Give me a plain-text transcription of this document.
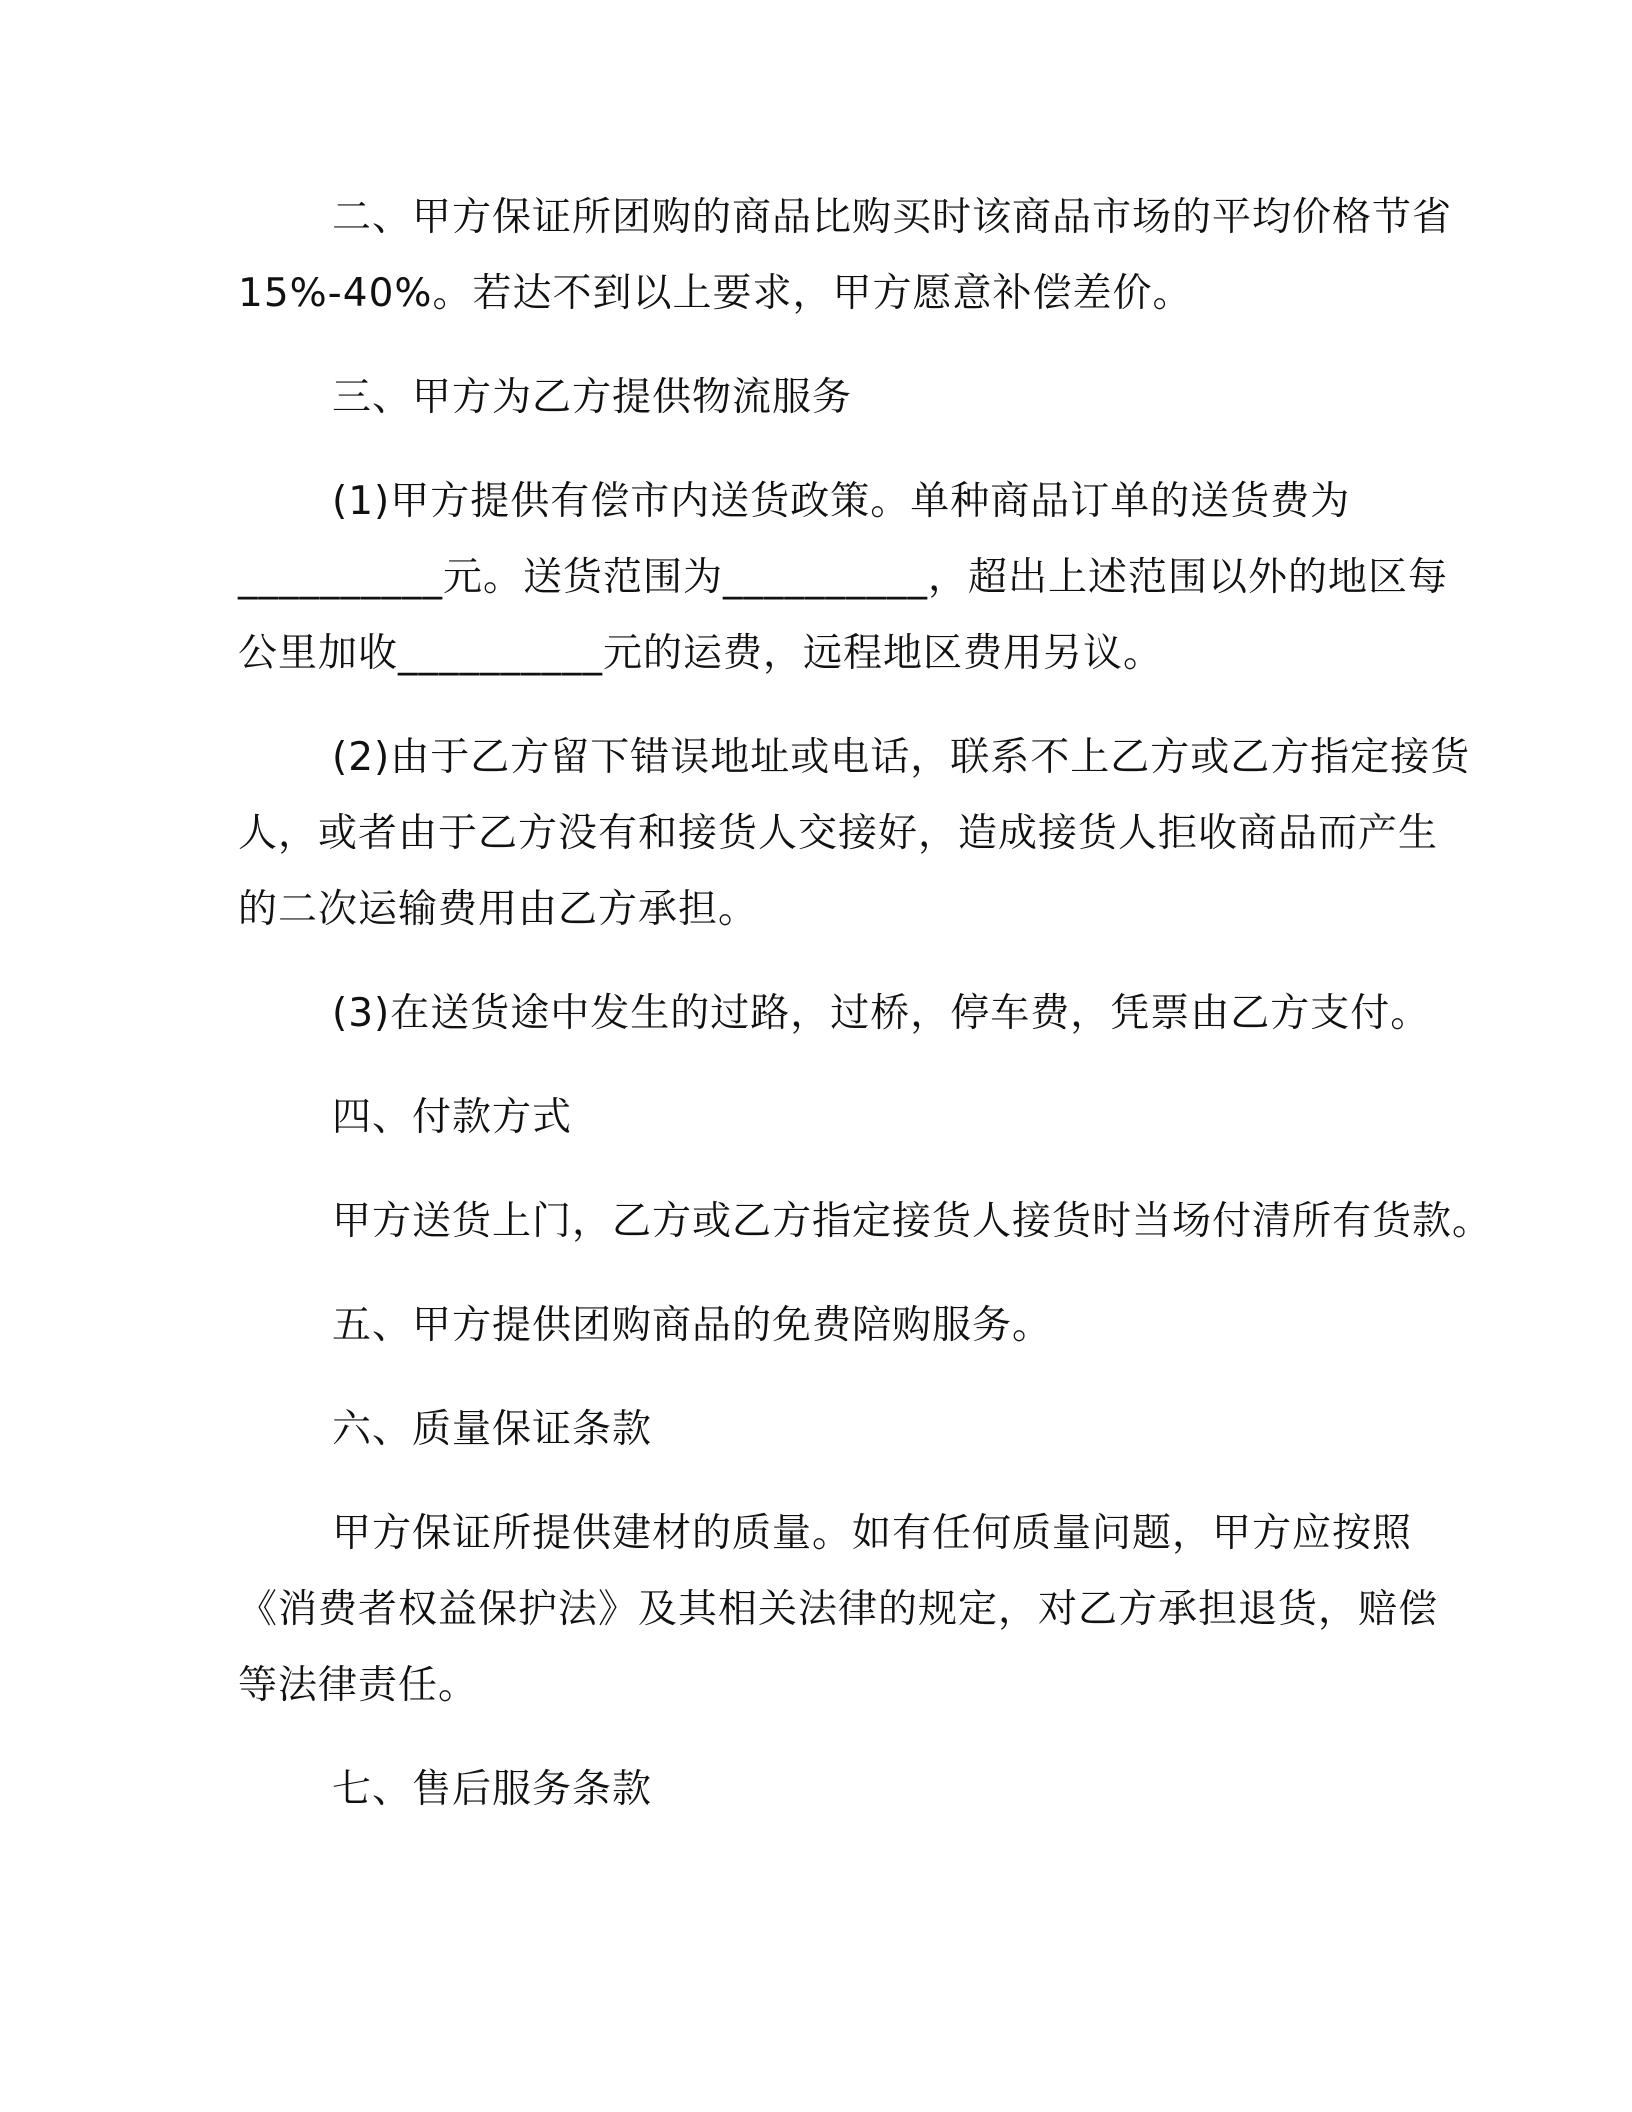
二、甲方保证所团购的商品比购买时该商品市场的平均价格节省

15%-40%。若达不到以上要求，甲方愿意补偿差价。

三、甲方为乙方提供物流服务

(1)甲方提供有偿市内送货政策。单种商品订单的送货费为

__________元。送货范围为__________，超出上述范围以外的地区每

公里加收__________元的运费，远程地区费用另议。

(2)由于乙方留下错误地址或电话，联系不上乙方或乙方指定接货

人，或者由于乙方没有和接货人交接好，造成接货人拒收商品而产生

的二次运输费用由乙方承担。

(3)在送货途中发生的过路，过桥，停车费，凭票由乙方支付。

四、付款方式

甲方送货上门，乙方或乙方指定接货人接货时当场付清所有货款。

五、甲方提供团购商品的免费陪购服务。

六、质量保证条款

甲方保证所提供建材的质量。如有任何质量问题，甲方应按照

《消费者权益保护法》及其相关法律的规定，对乙方承担退货，赔偿

等法律责任。

七、售后服务条款
